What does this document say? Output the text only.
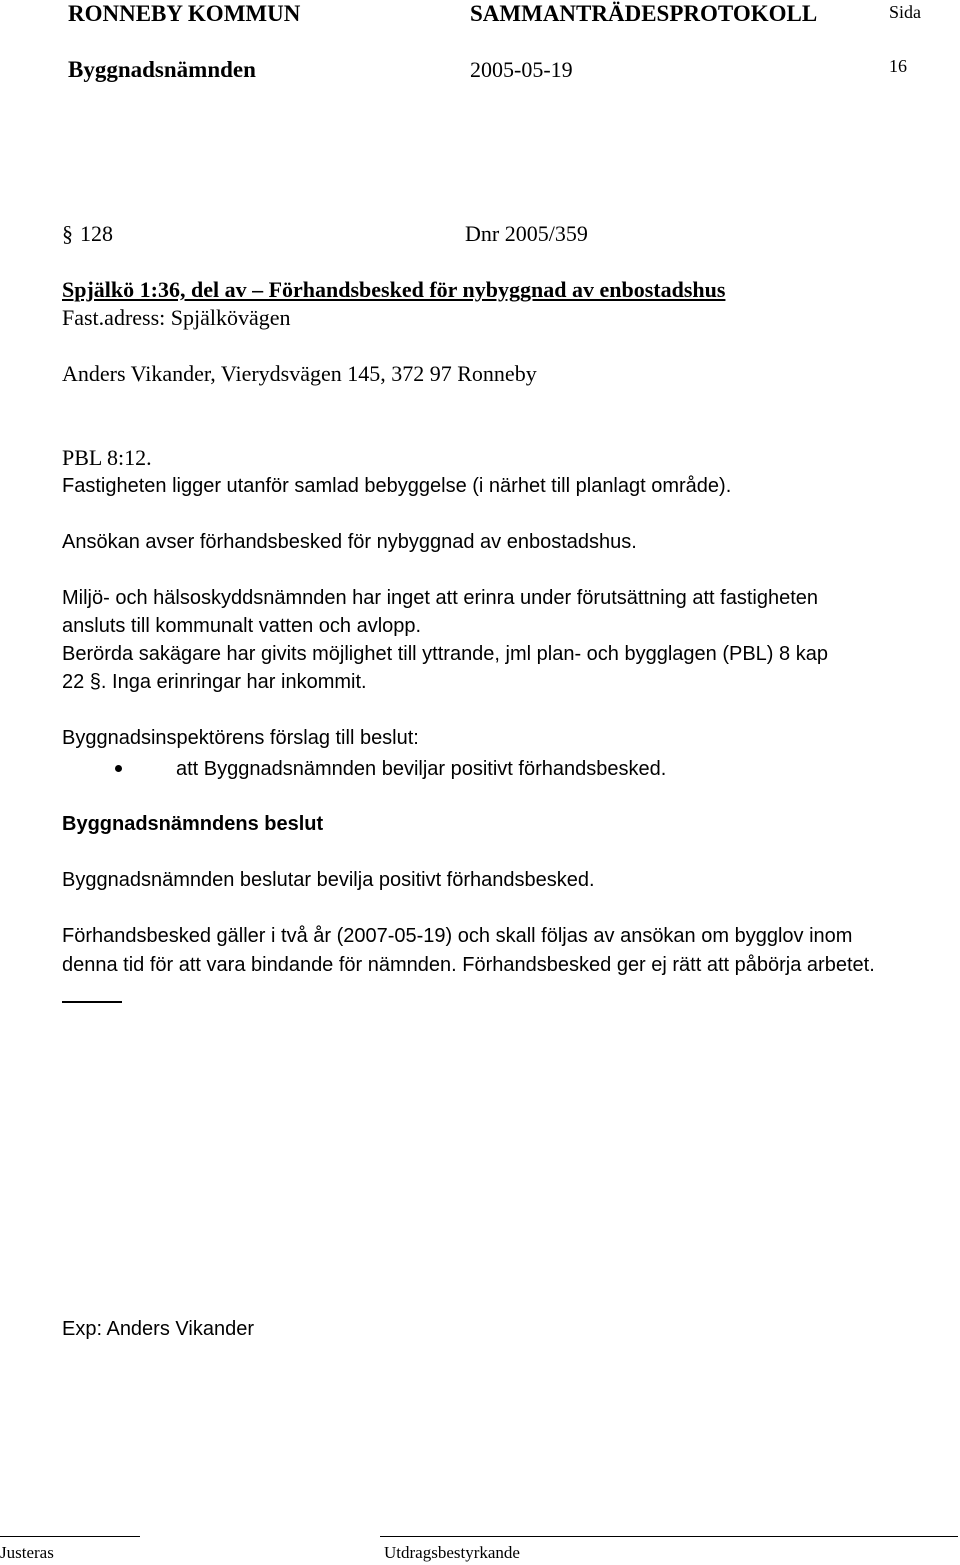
RONNEBY KOMMUN	SAMMANTRÄDESPROTOKOLL	Sida
Byggnadsnämnden	2005-05-19	16
§ 128	Dnr 2005/359
Spjälkö 1:36, del av – Förhandsbesked för nybyggnad av enbostadshus
Fast.adress: Spjälkövägen
Anders Vikander, Vierydsvägen 145, 372 97 Ronneby
PBL 8:12.
Fastigheten ligger utanför samlad bebyggelse (i närhet till planlagt område).
Ansökan avser förhandsbesked för nybyggnad av enbostadshus.
Miljö- och hälsoskyddsnämnden har inget att erinra under förutsättning att fastigheten
ansluts till kommunalt vatten och avlopp.
Berörda sakägare har givits möjlighet till yttrande, jml plan- och bygglagen (PBL) 8 kap
22 §. Inga erinringar har inkommit.
Byggnadsinspektörens förslag till beslut:
att Byggnadsnämnden beviljar positivt förhandsbesked.
Byggnadsnämndens beslut
Byggnadsnämnden beslutar bevilja positivt förhandsbesked.
Förhandsbesked gäller i två år (2007-05-19) och skall följas av ansökan om bygglov inom
denna tid för att vara bindande för nämnden. Förhandsbesked ger ej rätt att påbörja arbetet.
Exp: Anders Vikander
Justeras	Utdragsbestyrkande
